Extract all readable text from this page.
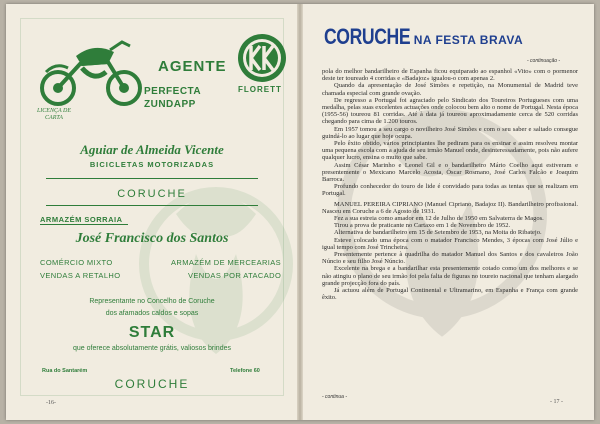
LICENÇA DE CARTA
AGENTE
FLORETT
PERFECTA
ZUNDAPP
Aguiar de Almeida Vicente
BICICLETAS MOTORIZADAS
CORUCHE
ARMAZÉM SORRAIA
José Francisco dos Santos
COMÉRCIO MIXTO
VENDAS A RETALHO
ARMAZÉM DE MERCEARIAS
VENDAS POR ATACADO
Representante no Concelho de Coruche
dos afamados caldos e sopas
STAR
que oferece absolutamente grátis, valiosos brindes
Rua do Santarém	Telefone 60
CORUCHE
-16-
CORUCHE NA FESTA BRAVA
- continuação -

pola do melhor bandarilheiro de Espanha ficou equiparado ao espanhol «Vito» com o pormenor deste ter toureado 4 corridas e «Badajoz» igualou-o com apenas 2.

Quando da apresentação de José Simões e repetição, na Monumental de Madrid teve chamada especial com grande ovação.

De regresso a Portugal foi agraciado pelo Sindicato dos Toureiros Portugueses com uma medalha, pelas suas excelentes actuações onde colocou bem alto o nome de Portugal. Nesta época (1955-56) toureou 81 corridas. Até à data já toureou aproximadamente cerca de 520 corridas chegando para cima de 1.200 touros.

Em 1957 tomou a seu cargo o novilheiro José Simões e com o seu saber e saltado consegue guindá-lo ao lugar que hoje ocupa.

Pelo êxito obtido, vários principiantes lhe pediram para os ensinar e assim resolveu montar uma pequena escola com a ajuda de seu irmão Manuel onde, desinteressadamente, pois não aufere qualquer lucro, ensina o muito que sabe.

Assim César Marinho e Leonel Gil e o bandarilheiro Mário Coelho aqui estiveram e presentemente o Mexicano Marcelo Acosta, Óscar Rosmano, José Carlos Falcão e Joaquim Barroca.

Profundo conhecedor do touro de lide é convidado para todas as tentas que se realizam em Portugal.

MANUEL PEREIRA CIPRIANO (Manuel Cipriano, Badajoz II). Bandarilheiro profissional. Nasceu em Coruche a 6 de Agosto de 1931.

Fez a sua estreia como amador em 12 de Julho de 1950 em Salvaterra de Magos.

Tirou a prova de praticante no Cartaxo em 1 de Novembro de 1952.

Alternativa de bandarilheiro em 15 de Setembro de 1953, na Moita do Ribatejo.

Esteve colocado uma época com o matador Francisco Mendes, 3 épocas com José Júlio e igual tempo com José Trincheira.

Presentemente pertence à quadrilha do matador Manuel dos Santos e dos cavaleiros João Núncio e seu filho José Núncio.

Excelente na brega e a bandarilhar esta presentemente cotado como um dos melhores e se não atingiu o plano de seu irmão foi pela falta de figuras no toureio nacional que tenham alargado grande projecção fora do país.

Já actuou além de Portugal Continental e Ultramarino, em Espanha e França com grande êxito.

- continua -
- 17 -
